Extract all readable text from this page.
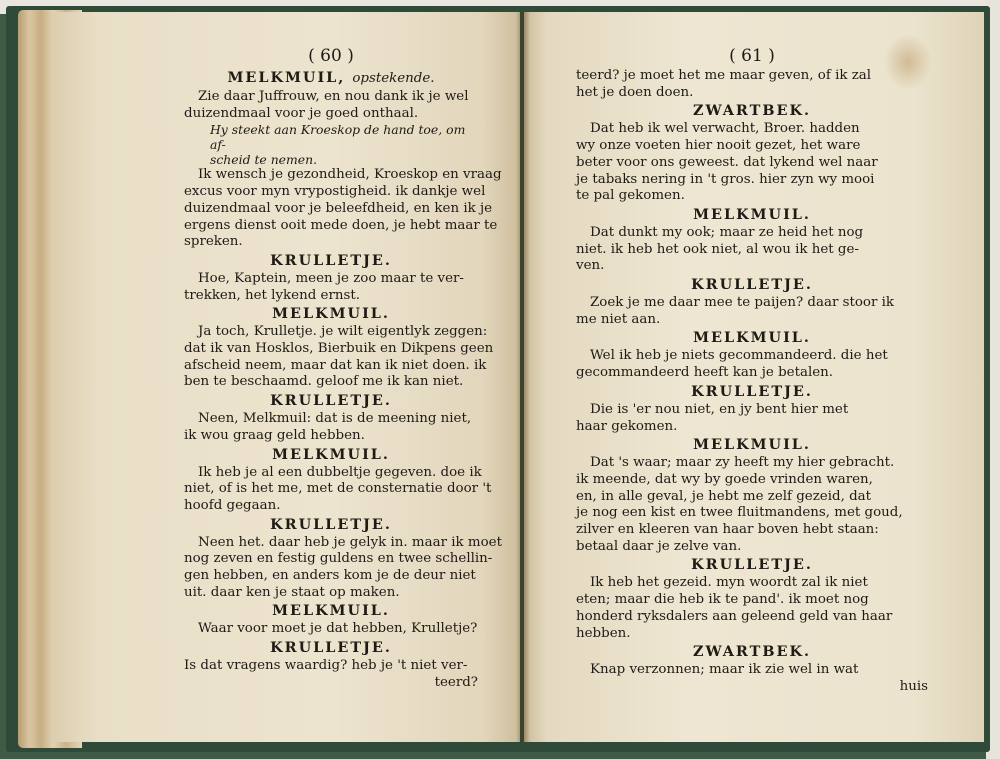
( 60 )
MELKMUIL, opstekende.
Zie daar Juffrouw, en nou dank ik je wel
duizendmaal voor je goed onthaal.
Hy steekt aan Kroeskop de hand toe, om af-
scheid te nemen.
Ik wensch je gezondheid, Kroeskop en vraag
excus voor myn vrypostigheid. ik dankje wel
duizendmaal voor je beleefdheid, en ken ik je
ergens dienst ooit mede doen, je hebt maar te
spreken.
KRULLETJE.
Hoe, Kaptein, meen je zoo maar te ver-
trekken, het lykend ernst.
MELKMUIL.
Ja toch, Krulletje. je wilt eigentlyk zeggen:
dat ik van Hosklos, Bierbuik en Dikpens geen
afscheid neem, maar dat kan ik niet doen. ik
ben te beschaamd. geloof me ik kan niet.
KRULLETJE.
Neen, Melkmuil: dat is de meening niet,
ik wou graag geld hebben.
MELKMUIL.
Ik heb je al een dubbeltje gegeven. doe ik
niet, of is het me, met de consternatie door 't
hoofd gegaan.
KRULLETJE.
Neen het. daar heb je gelyk in. maar ik moet
nog zeven en festig guldens en twee schellin-
gen hebben, en anders kom je de deur niet
uit. daar ken je staat op maken.
MELKMUIL.
Waar voor moet je dat hebben, Krulletje?
KRULLETJE.
Is dat vragens waardig? heb je 't niet ver-
teerd?
( 61 )
teerd? je moet het me maar geven, of ik zal
het je doen doen.
ZWARTBEK.
Dat heb ik wel verwacht, Broer. hadden
wy onze voeten hier nooit gezet, het ware
beter voor ons geweest. dat lykend wel naar
je tabaks nering in 't gros. hier zyn wy mooi
te pal gekomen.
MELKMUIL.
Dat dunkt my ook; maar ze heid het nog
niet. ik heb het ook niet, al wou ik het ge-
ven.
KRULLETJE.
Zoek je me daar mee te paijen? daar stoor ik
me niet aan.
MELKMUIL.
Wel ik heb je niets gecommandeerd. die het
gecommandeerd heeft kan je betalen.
KRULLETJE.
Die is 'er nou niet, en jy bent hier met
haar gekomen.
MELKMUIL.
Dat 's waar; maar zy heeft my hier gebracht.
ik meende, dat wy by goede vrinden waren,
en, in alle geval, je hebt me zelf gezeid, dat
je nog een kist en twee fluitmandens, met goud,
zilver en kleeren van haar boven hebt staan:
betaal daar je zelve van.
KRULLETJE.
Ik heb het gezeid. myn woordt zal ik niet
eten; maar die heb ik te pand'. ik moet nog
honderd ryksdalers aan geleend geld van haar
hebben.
ZWARTBEK.
Knap verzonnen; maar ik zie wel in wat
huis
